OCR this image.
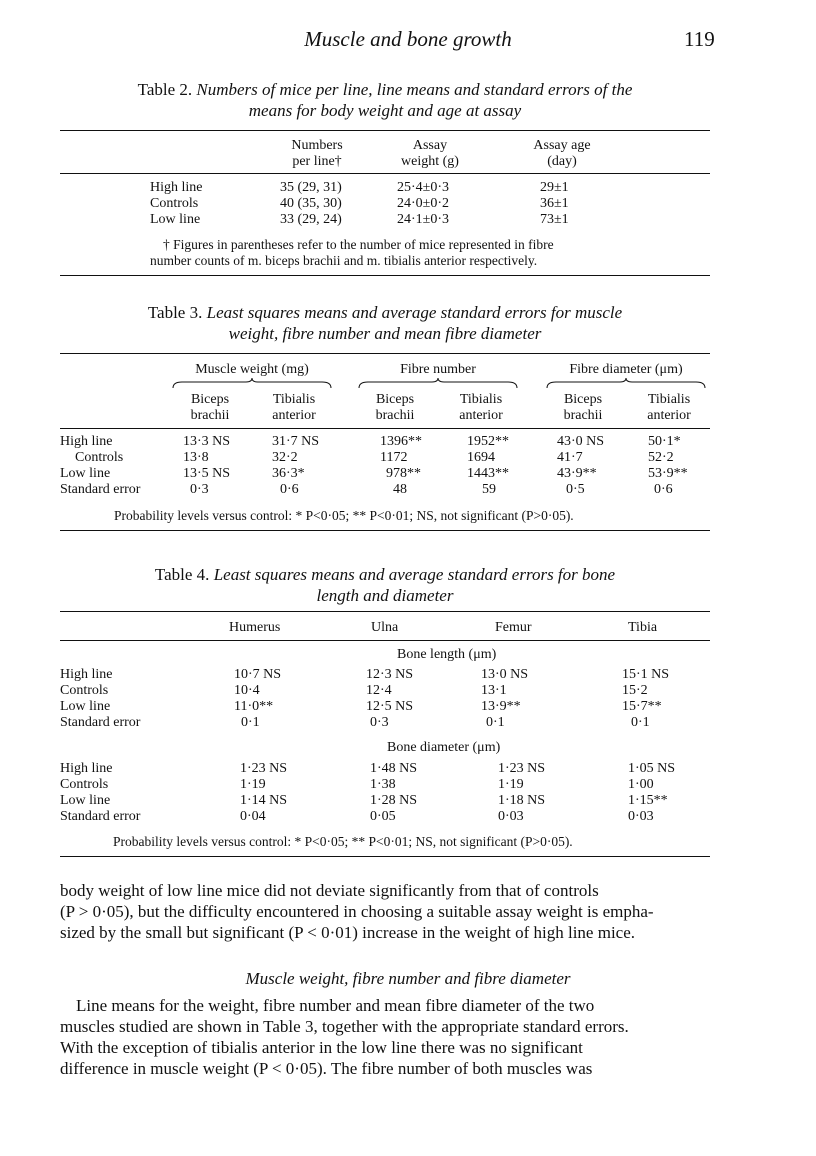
Muscle and bone growth	119
Table 2. Numbers of mice per line, line means and standard errors of the
means for body weight and age at assay
Numbers
per line†
Assay
weight (g)
Assay age
(day)
High line	35 (29, 31)	25·4±0·3	29±1
Controls	40 (35, 30)	24·0±0·2	36±1
Low line	33 (29, 24)	24·1±0·3	73±1
† Figures in parentheses refer to the number of mice represented in fibre
number counts of m. biceps brachii and m. tibialis anterior respectively.
Table 3. Least squares means and average standard errors for muscle
weight, fibre number and mean fibre diameter
Muscle weight (mg)	Fibre number	Fibre diameter (μm)
Biceps
brachii
Tibialis
anterior
Biceps
brachii
Tibialis
anterior
Biceps
brachii
Tibialis
anterior
High line	13·3 NS	31·7 NS	1396**	1952**	43·0 NS	50·1*
Controls	13·8	32·2	1172	1694	41·7	52·2
Low line	13·5 NS	36·3*	978**	1443**	43·9**	53·9**
Standard error	0·3	0·6	48	59	0·5	0·6
Probability levels versus control: * P<0·05; ** P<0·01; NS, not significant (P>0·05).
Table 4. Least squares means and average standard errors for bone
length and diameter
Humerus	Ulna	Femur	Tibia
Bone length (μm)
High line	10·7 NS	12·3 NS	13·0 NS	15·1 NS
Controls	10·4	12·4	13·1	15·2
Low line	11·0**	12·5 NS	13·9**	15·7**
Standard error	0·1	0·3	0·1	0·1
Bone diameter (μm)
High line	1·23 NS	1·48 NS	1·23 NS	1·05 NS
Controls	1·19	1·38	1·19	1·00
Low line	1·14 NS	1·28 NS	1·18 NS	1·15**
Standard error	0·04	0·05	0·03	0·03
Probability levels versus control: * P<0·05; ** P<0·01; NS, not significant (P>0·05).
body weight of low line mice did not deviate significantly from that of controls
(P > 0·05), but the difficulty encountered in choosing a suitable assay weight is empha-
sized by the small but significant (P < 0·01) increase in the weight of high line mice.
Muscle weight, fibre number and fibre diameter
Line means for the weight, fibre number and mean fibre diameter of the two
muscles studied are shown in Table 3, together with the appropriate standard errors.
With the exception of tibialis anterior in the low line there was no significant
difference in muscle weight (P < 0·05). The fibre number of both muscles was
